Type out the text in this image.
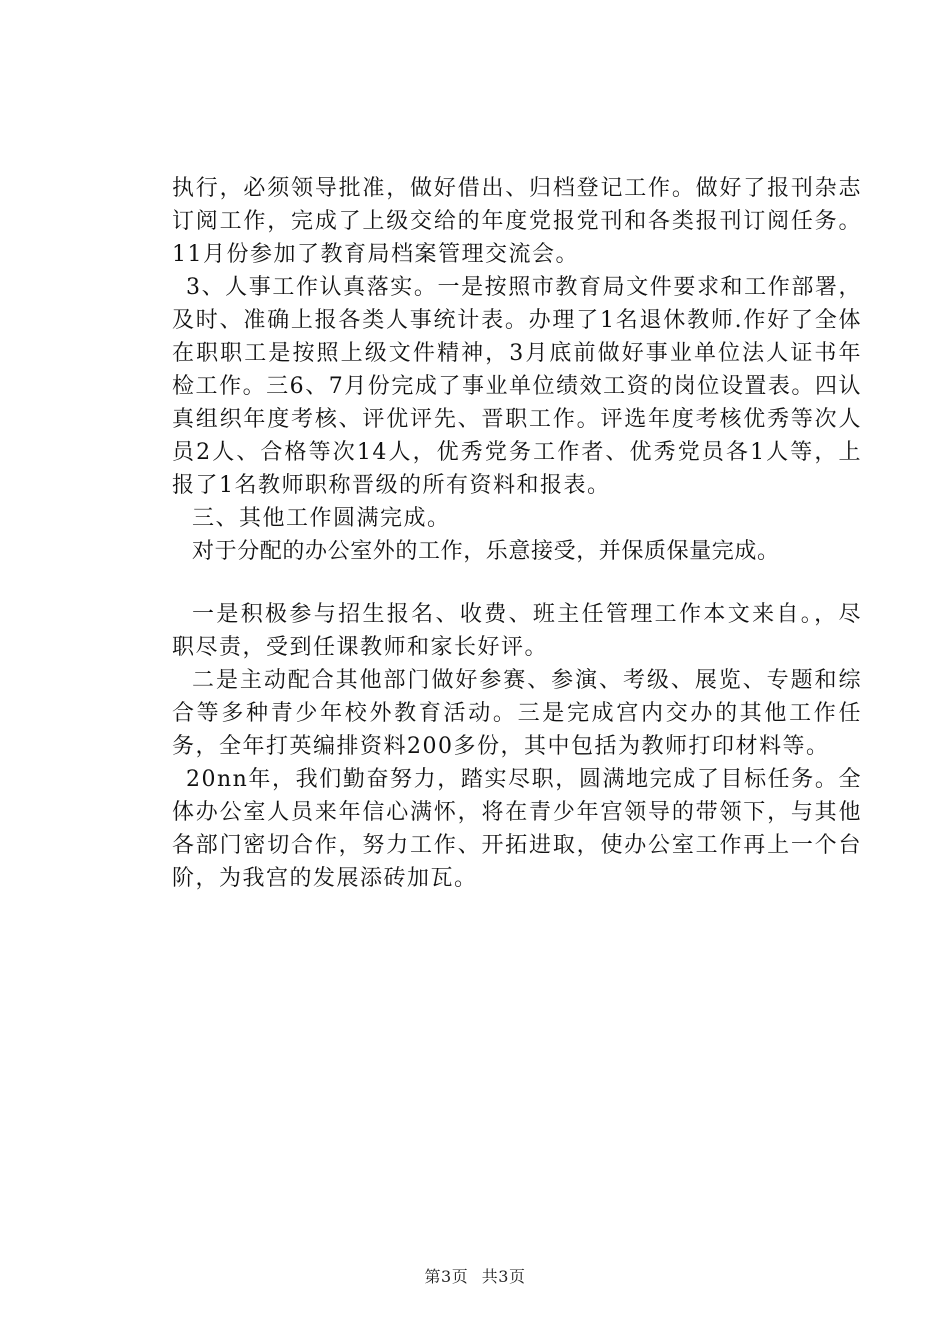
执行，必须领导批准，做好借出、归档登记工作。做好了报刊杂志订阅工作，完成了上级交给的年度党报党刊和各类报刊订阅任务。11月份参加了教育局档案管理交流会。

3、人事工作认真落实。一是按照市教育局文件要求和工作部署，及时、准确上报各类人事统计表。办理了1名退休教师.作好了全体在职职工是按照上级文件精神，3月底前做好事业单位法人证书年检工作。三6、7月份完成了事业单位绩效工资的岗位设置表。四认真组织年度考核、评优评先、晋职工作。评选年度考核优秀等次人员2人、合格等次14人，优秀党务工作者、优秀党员各1人等，上报了1名教师职称晋级的所有资料和报表。

三、其他工作圆满完成。

对于分配的办公室外的工作，乐意接受，并保质保量完成。

一是积极参与招生报名、收费、班主任管理工作本文来自。，尽职尽责，受到任课教师和家长好评。

二是主动配合其他部门做好参赛、参演、考级、展览、专题和综合等多种青少年校外教育活动。三是完成宫内交办的其他工作任务，全年打英编排资料200多份，其中包括为教师打印材料等。

20nn年，我们勤奋努力，踏实尽职，圆满地完成了目标任务。全体办公室人员来年信心满怀，将在青少年宫领导的带领下，与其他各部门密切合作，努力工作、开拓进取，使办公室工作再上一个台阶，为我宫的发展添砖加瓦。

第3页 共3页
